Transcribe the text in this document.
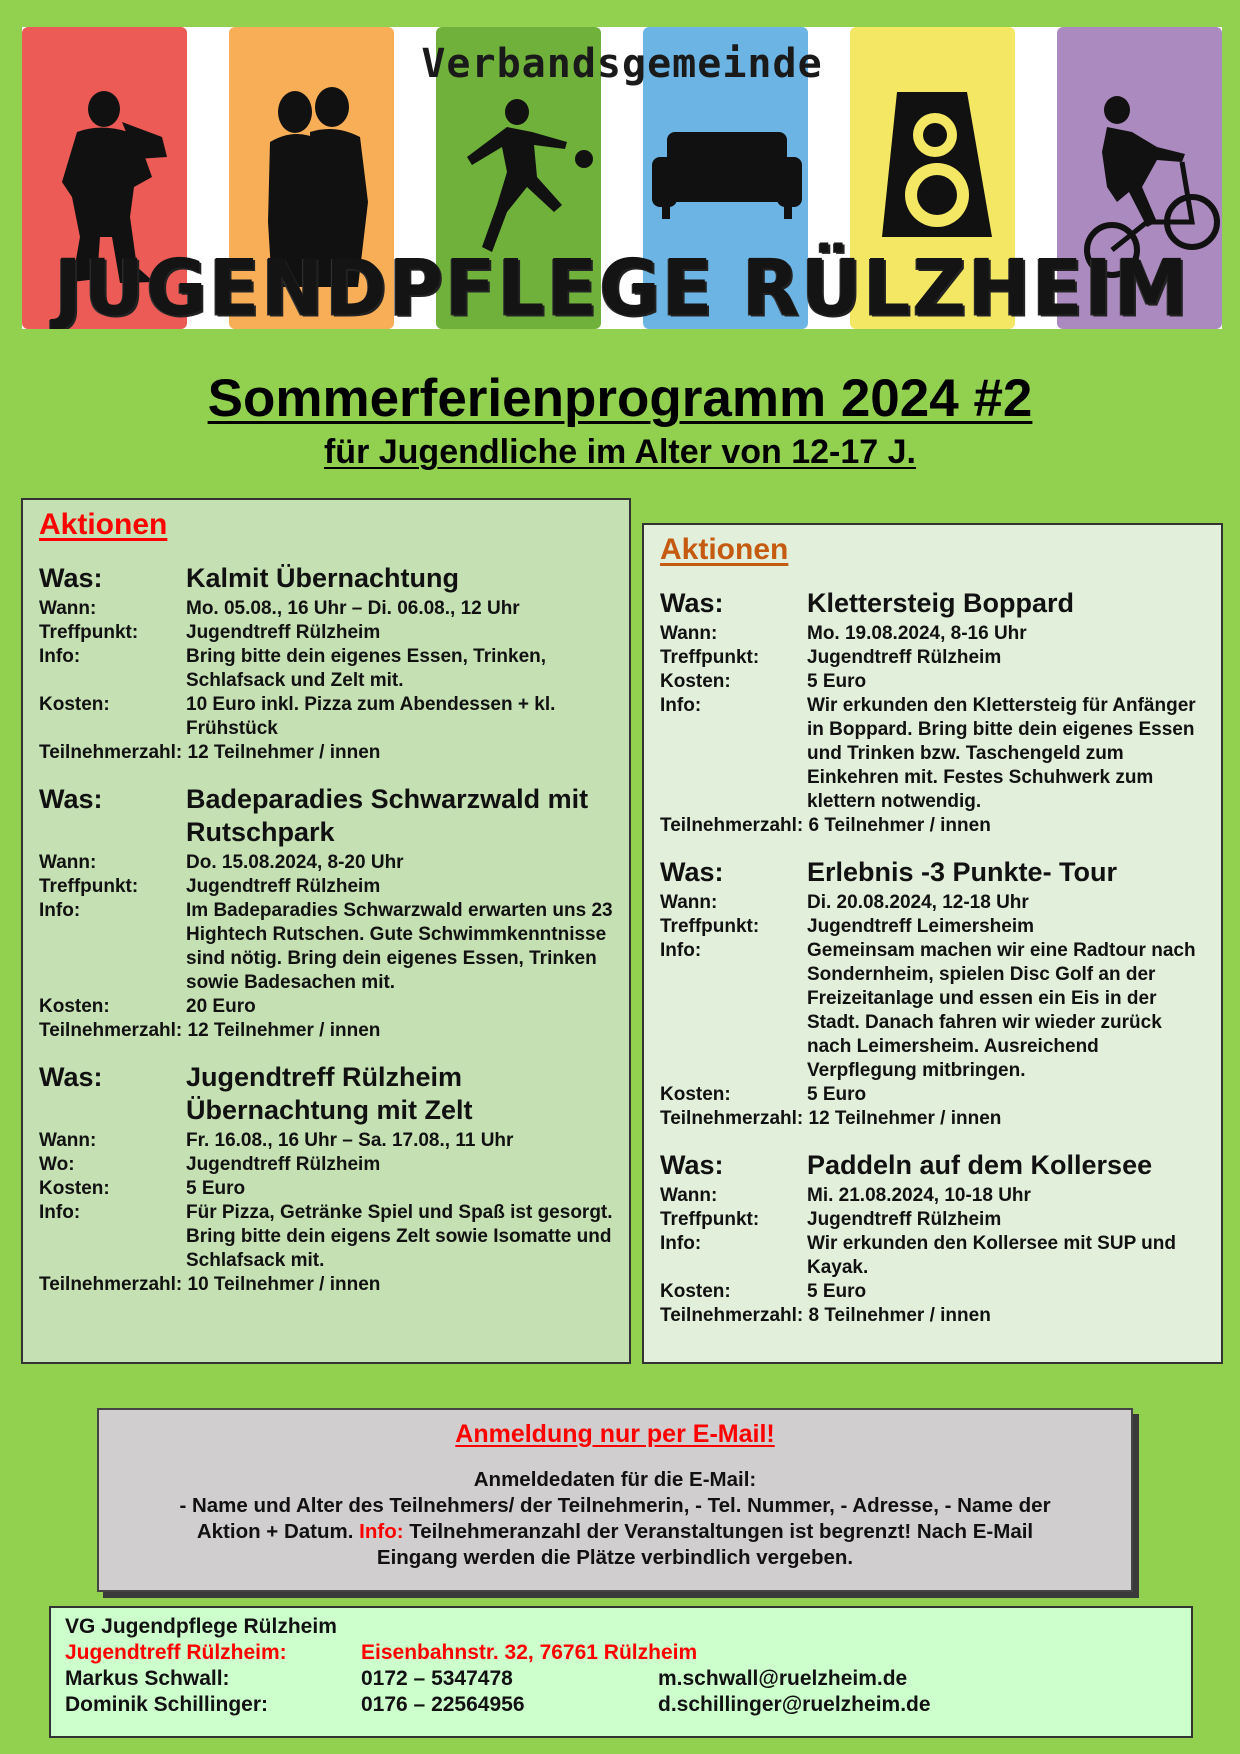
Verbandsgemeinde
JUGENDPFLEGE RÜLZHEIM
Sommerferienprogramm 2024 #2
für Jugendliche im Alter von 12-17 J.
Aktionen
Was:	Kalmit Übernachtung
Wann:	Mo. 05.08., 16 Uhr – Di. 06.08., 12 Uhr
Treffpunkt:	Jugendtreff Rülzheim
Info:	Bring bitte dein eigenes Essen, Trinken, Schlafsack und Zelt mit.
Kosten:	10 Euro inkl. Pizza zum Abendessen + kl. Frühstück
Teilnehmerzahl: 12 Teilnehmer / innen
Was:	Badeparadies Schwarzwald mit Rutschpark
Wann:	Do. 15.08.2024, 8-20 Uhr
Treffpunkt:	Jugendtreff Rülzheim
Info:	Im Badeparadies Schwarzwald erwarten uns 23 Hightech Rutschen. Gute Schwimmkenntnisse sind nötig. Bring dein eigenes Essen, Trinken sowie Badesachen mit.
Kosten:	20 Euro
Teilnehmerzahl: 12 Teilnehmer / innen
Was:	Jugendtreff Rülzheim Übernachtung mit Zelt
Wann:	Fr. 16.08., 16 Uhr – Sa. 17.08., 11 Uhr
Wo:	Jugendtreff Rülzheim
Kosten:	5 Euro
Info:	Für Pizza, Getränke Spiel und Spaß ist gesorgt. Bring bitte dein eigens Zelt sowie Isomatte und Schlafsack mit.
Teilnehmerzahl: 10 Teilnehmer / innen
Aktionen
Was:	Klettersteig Boppard
Wann:	Mo. 19.08.2024, 8-16 Uhr
Treffpunkt:	Jugendtreff Rülzheim
Kosten:	5 Euro
Info:	Wir erkunden den Klettersteig für Anfänger in Boppard. Bring bitte dein eigenes Essen und Trinken bzw. Taschengeld zum Einkehren mit. Festes Schuhwerk zum klettern notwendig.
Teilnehmerzahl: 6 Teilnehmer / innen
Was:	Erlebnis -3 Punkte- Tour
Wann:	Di. 20.08.2024, 12-18 Uhr
Treffpunkt:	Jugendtreff Leimersheim
Info:	Gemeinsam machen wir eine Radtour nach Sondernheim, spielen Disc Golf an der Freizeitanlage und essen ein Eis in der Stadt. Danach fahren wir wieder zurück nach Leimersheim. Ausreichend Verpflegung mitbringen.
Kosten:	5 Euro
Teilnehmerzahl: 12 Teilnehmer / innen
Was:	Paddeln auf dem Kollersee
Wann:	Mi. 21.08.2024, 10-18 Uhr
Treffpunkt:	Jugendtreff Rülzheim
Info:	Wir erkunden den Kollersee mit SUP und Kayak.
Kosten:	5 Euro
Teilnehmerzahl: 8 Teilnehmer / innen
Anmeldung nur per E-Mail!
Anmeldedaten für die E-Mail:
- Name und Alter des Teilnehmers/ der Teilnehmerin, - Tel. Nummer, - Adresse, - Name der
Aktion + Datum. Info: Teilnehmeranzahl der Veranstaltungen ist begrenzt! Nach E-Mail
Eingang werden die Plätze verbindlich vergeben.
VG Jugendpflege Rülzheim
Jugendtreff Rülzheim:	Eisenbahnstr. 32, 76761 Rülzheim
Markus Schwall:	0172 – 5347478	m.schwall@ruelzheim.de
Dominik Schillinger:	0176 – 22564956	d.schillinger@ruelzheim.de
